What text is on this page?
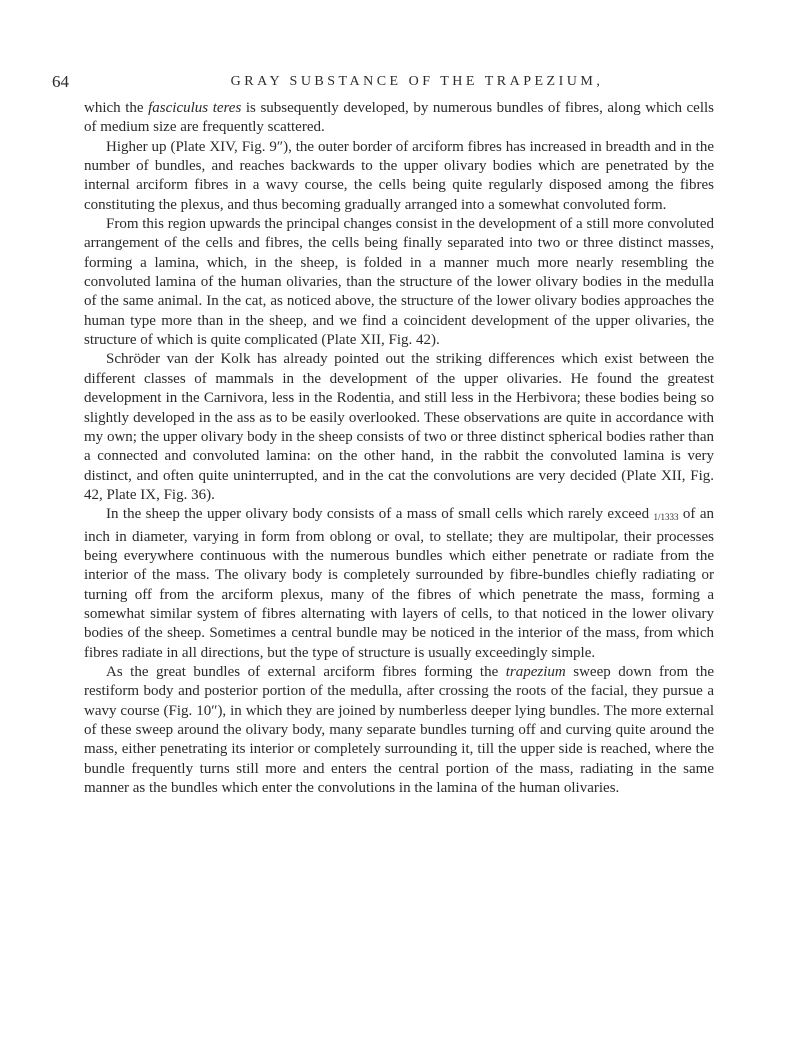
64	GRAY SUBSTANCE OF THE TRAPEZIUM,

which the fasciculus teres is subsequently developed, by numerous bundles of fibres, along which cells of medium size are frequently scattered.

Higher up (Plate XIV, Fig. 9″), the outer border of arciform fibres has increased in breadth and in the number of bundles, and reaches backwards to the upper olivary bodies which are penetrated by the internal arciform fibres in a wavy course, the cells being quite regularly disposed among the fibres constituting the plexus, and thus becoming gradually arranged into a somewhat convoluted form.

From this region upwards the principal changes consist in the development of a still more convoluted arrangement of the cells and fibres, the cells being finally separated into two or three distinct masses, forming a lamina, which, in the sheep, is folded in a manner much more nearly resembling the convoluted lamina of the human olivaries, than the structure of the lower olivary bodies in the medulla of the same animal. In the cat, as noticed above, the structure of the lower olivary bodies approaches the human type more than in the sheep, and we find a coincident development of the upper olivaries, the structure of which is quite complicated (Plate XII, Fig. 42).

Schröder van der Kolk has already pointed out the striking differences which exist between the different classes of mammals in the development of the upper olivaries. He found the greatest development in the Carnivora, less in the Rodentia, and still less in the Herbivora; these bodies being so slightly developed in the ass as to be easily overlooked. These observations are quite in accordance with my own; the upper olivary body in the sheep consists of two or three distinct spherical bodies rather than a connected and convoluted lamina: on the other hand, in the rabbit the convoluted lamina is very distinct, and often quite uninterrupted, and in the cat the convolutions are very decided (Plate XII, Fig. 42, Plate IX, Fig. 36).

In the sheep the upper olivary body consists of a mass of small cells which rarely exceed 1/1333 of an inch in diameter, varying in form from oblong or oval, to stellate; they are multipolar, their processes being everywhere continuous with the numerous bundles which either penetrate or radiate from the interior of the mass. The olivary body is completely surrounded by fibre-bundles chiefly radiating or turning off from the arciform plexus, many of the fibres of which penetrate the mass, forming a somewhat similar system of fibres alternating with layers of cells, to that noticed in the lower olivary bodies of the sheep. Sometimes a central bundle may be noticed in the interior of the mass, from which fibres radiate in all directions, but the type of structure is usually exceedingly simple.

As the great bundles of external arciform fibres forming the trapezium sweep down from the restiform body and posterior portion of the medulla, after crossing the roots of the facial, they pursue a wavy course (Fig. 10″), in which they are joined by numberless deeper lying bundles. The more external of these sweep around the olivary body, many separate bundles turning off and curving quite around the mass, either penetrating its interior or completely surrounding it, till the upper side is reached, where the bundle frequently turns still more and enters the central portion of the mass, radiating in the same manner as the bundles which enter the convolutions in the lamina of the human olivaries.
